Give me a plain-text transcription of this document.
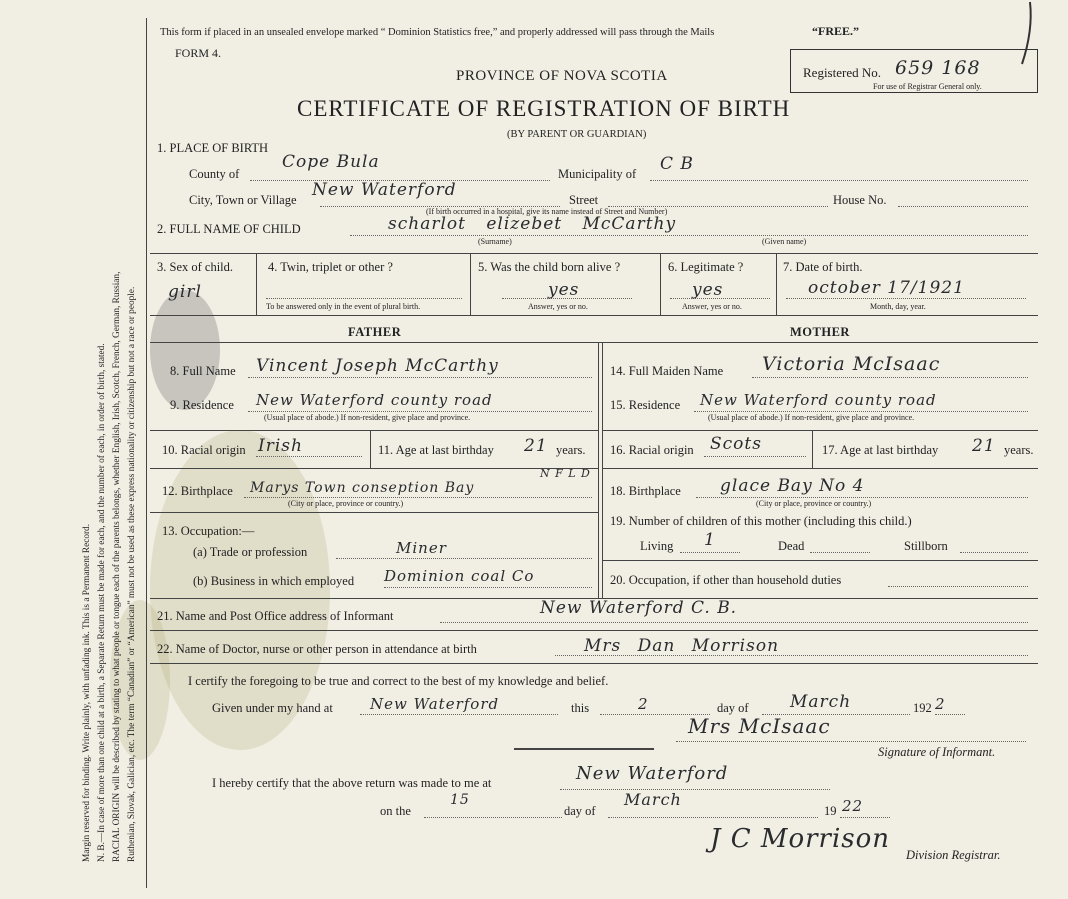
Margin reserved for binding. Write plainly, with unfading ink. This is a Permanent Record. N. B.—In case of more than one child at a birth, a Separate Return must be made for each, and the number of each, in order of birth, stated. RACIAL ORIGIN will be described by stating to what people or tongue each of the parents belongs, whether English, Irish, Scotch, French, German, Russian, Ruthenian, Slovak, Galician, etc. The term “Canadian” or “American” must not be used as these express nationality or citizenship but not a race or people.
This form if placed in an unsealed envelope marked “ Dominion Statistics free,” and properly addressed will pass through the Mails	“FREE.”
FORM 4.
PROVINCE OF NOVA SCOTIA
CERTIFICATE OF REGISTRATION OF BIRTH
(BY PARENT OR GUARDIAN)
Registered No. 659 168
For use of Registrar General only.
1. PLACE OF BIRTH
County of
Cope Bula
Municipality of C B
City, Town or Village New Waterford	Street	House No.
(If birth occurred in a hospital, give its name instead of Street and Number)
2. FULL NAME OF CHILD	scharlot elizebet McCarthy
(Surname)	(Given name)
3. Sex of child.
girl
4. Twin, triplet or other ?
To be answered only in the event of plural birth.
5. Was the child born alive ?
yes
Answer, yes or no.
6. Legitimate ?
yes
Answer, yes or no.
7. Date of birth.
october 17/1921
Month, day, year.
FATHER	MOTHER
8. Full Name Vincent Joseph McCarthy
9. Residence New Waterford county road
(Usual place of abode.) If non-resident, give place and province.
10. Racial origin Irish	11. Age at last birthday 21 years.
12. Birthplace Marys Town conseption Bay
N F L D
(City or place, province or country.)
13. Occupation:—
(a) Trade or profession	Miner
(b) Business in which employed Dominion coal Co
14. Full Maiden Name Victoria McIsaac
15. Residence New Waterford county road
(Usual place of abode.) If non-resident, give place and province.
16. Racial origin Scots	17. Age at last birthday 21 years.
18. Birthplace glace Bay No 4
(City or place, province or country.)
19. Number of children of this mother (including this child.)
Living 1	Dead	Stillborn
20. Occupation, if other than household duties
21. Name and Post Office address of Informant	New Waterford C. B.
22. Name of Doctor, nurse or other person in attendance at birth	Mrs Dan Morrison
I certify the foregoing to be true and correct to the best of my knowledge and belief.
Given under my hand at New Waterford	this	2	day of March	192 2
Mrs McIsaac
Signature of Informant.
I hereby certify that the above return was made to me at	New Waterford
on the
15
day of
March
19 22
J C Morrison
Division Registrar.
